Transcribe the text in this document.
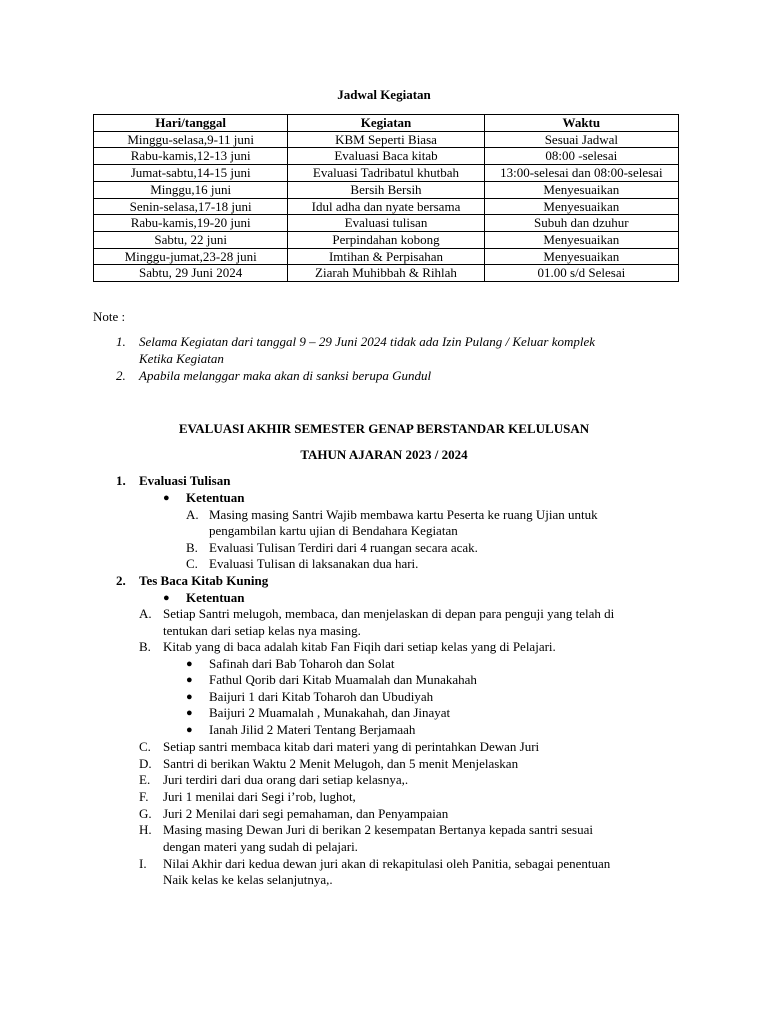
Jadwal Kegiatan
Hari/tanggal	Kegiatan	Waktu
Minggu-selasa,9-11 juni	KBM Seperti Biasa	Sesuai Jadwal
Rabu-kamis,12-13 juni	Evaluasi Baca kitab	08:00 -selesai
Jumat-sabtu,14-15 juni	Evaluasi Tadribatul khutbah	13:00-selesai dan 08:00-selesai
Minggu,16 juni	Bersih Bersih	Menyesuaikan
Senin-selasa,17-18 juni	Idul adha dan nyate bersama	Menyesuaikan
Rabu-kamis,19-20 juni	Evaluasi tulisan	Subuh dan dzuhur
Sabtu, 22 juni	Perpindahan kobong	Menyesuaikan
Minggu-jumat,23-28 juni	Imtihan & Perpisahan	Menyesuaikan
Sabtu, 29 Juni 2024	Ziarah Muhibbah & Rihlah	01.00 s/d Selesai
Note :
1. Selama Kegiatan dari tanggal 9 – 29 Juni 2024 tidak ada Izin Pulang / Keluar komplek
Ketika Kegiatan
2. Apabila melanggar maka akan di sanksi berupa Gundul
EVALUASI AKHIR SEMESTER GENAP BERSTANDAR KELULUSAN
TAHUN AJARAN 2023 / 2024
1. Evaluasi Tulisan
● Ketentuan
A. Masing masing Santri Wajib membawa kartu Peserta ke ruang Ujian untuk
pengambilan kartu ujian di Bendahara Kegiatan
B. Evaluasi Tulisan Terdiri dari 4 ruangan secara acak.
C. Evaluasi Tulisan di laksanakan dua hari.
2. Tes Baca Kitab Kuning
● Ketentuan
A. Setiap Santri melugoh, membaca, dan menjelaskan di depan para penguji yang telah di
tentukan dari setiap kelas nya masing.
B. Kitab yang di baca adalah kitab Fan Fiqih dari setiap kelas yang di Pelajari.
● Safinah dari Bab Toharoh dan Solat
● Fathul Qorib dari Kitab Muamalah dan Munakahah
● Baijuri 1 dari Kitab Toharoh dan Ubudiyah
● Baijuri 2 Muamalah , Munakahah, dan Jinayat
● Ianah Jilid 2 Materi Tentang Berjamaah
C. Setiap santri membaca kitab dari materi yang di perintahkan Dewan Juri
D. Santri di berikan Waktu 2 Menit Melugoh, dan 5 menit Menjelaskan
E. Juri terdiri dari dua orang dari setiap kelasnya,.
F. Juri 1 menilai dari Segi i’rob, lughot,
G. Juri 2 Menilai dari segi pemahaman, dan Penyampaian
H. Masing masing Dewan Juri di berikan 2 kesempatan Bertanya kepada santri sesuai
dengan materi yang sudah di pelajari.
I. Nilai Akhir dari kedua dewan juri akan di rekapitulasi oleh Panitia, sebagai penentuan
Naik kelas ke kelas selanjutnya,.
